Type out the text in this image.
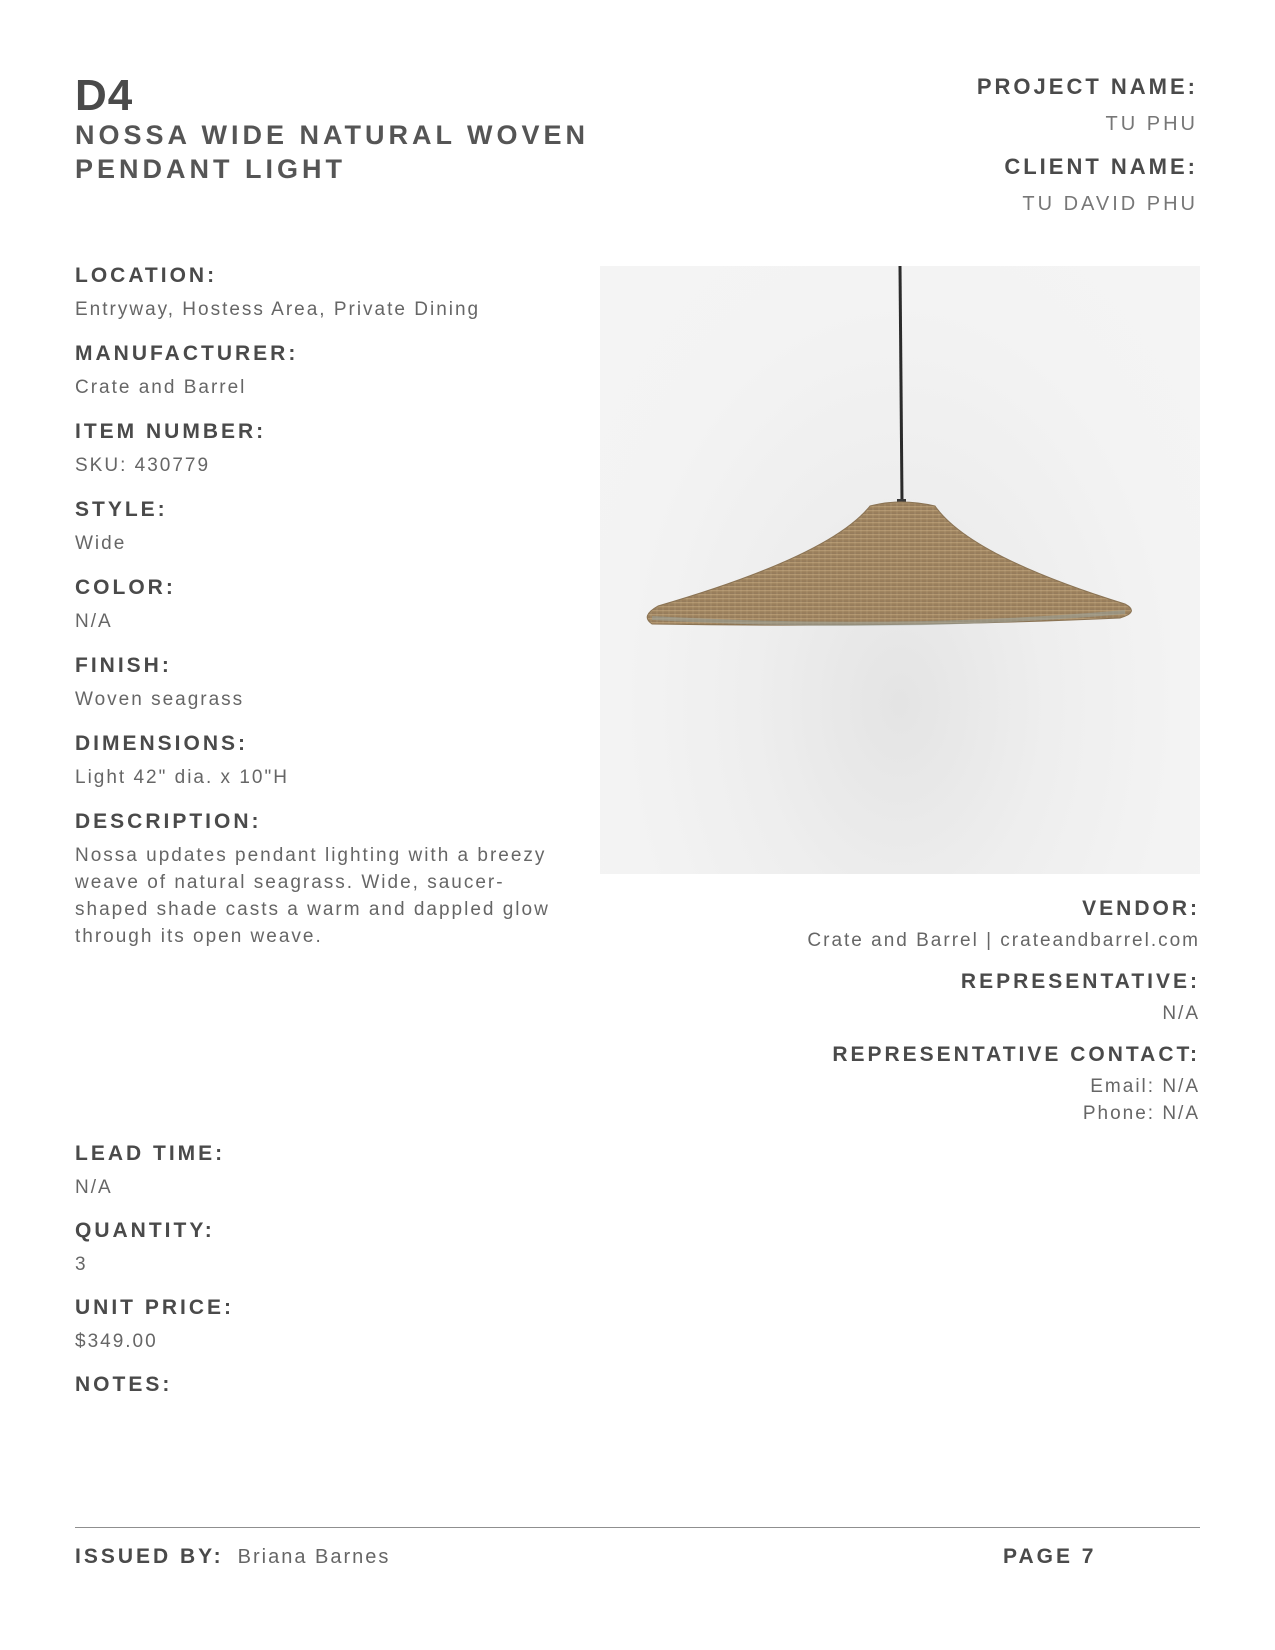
D4
NOSSA WIDE NATURAL WOVEN PENDANT LIGHT
PROJECT NAME:
TU PHU
CLIENT NAME:
TU DAVID PHU
LOCATION:
Entryway, Hostess Area, Private Dining
MANUFACTURER:
Crate and Barrel
ITEM NUMBER:
SKU: 430779
STYLE:
Wide
COLOR:
N/A
FINISH:
Woven seagrass
DIMENSIONS:
Light 42" dia. x 10"H
DESCRIPTION:
Nossa updates pendant lighting with a breezy weave of natural seagrass. Wide, saucer-shaped shade casts a warm and dappled glow through its open weave.
VENDOR:
Crate and Barrel | crateandbarrel.com
REPRESENTATIVE:
N/A
REPRESENTATIVE CONTACT:
Email: N/A
Phone: N/A
LEAD TIME:
N/A
QUANTITY:
3
UNIT PRICE:
$349.00
NOTES:
ISSUED BY: Briana Barnes	PAGE 7
